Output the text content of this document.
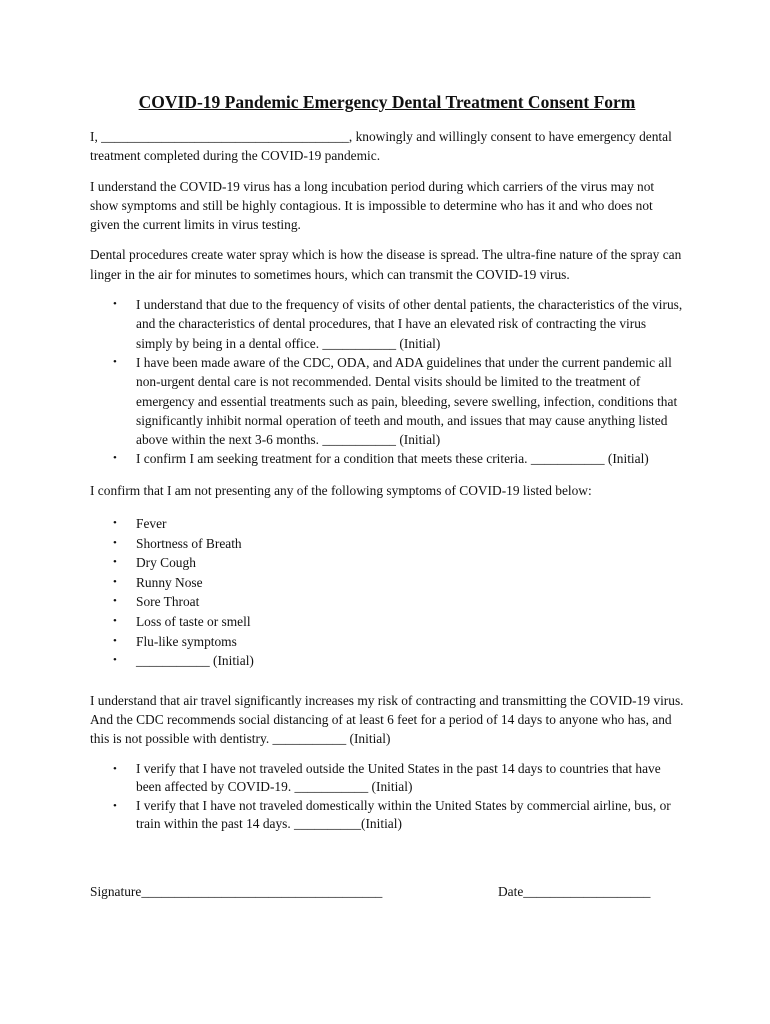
COVID-19 Pandemic Emergency Dental Treatment Consent Form

I, _____________________________________, knowingly and willingly consent to have emergency dental treatment completed during the COVID-19 pandemic.

I understand the COVID-19 virus has a long incubation period during which carriers of the virus may not show symptoms and still be highly contagious. It is impossible to determine who has it and who does not given the current limits in virus testing.

Dental procedures create water spray which is how the disease is spread. The ultra-fine nature of the spray can linger in the air for minutes to sometimes hours, which can transmit the COVID-19 virus.

• I understand that due to the frequency of visits of other dental patients, the characteristics of the virus, and the characteristics of dental procedures, that I have an elevated risk of contracting the virus simply by being in a dental office. ___________ (Initial)
• I have been made aware of the CDC, ODA, and ADA guidelines that under the current pandemic all non-urgent dental care is not recommended. Dental visits should be limited to the treatment of emergency and essential treatments such as pain, bleeding, severe swelling, infection, conditions that significantly inhibit normal operation of teeth and mouth, and issues that may cause anything listed above within the next 3-6 months. ___________ (Initial)
• I confirm I am seeking treatment for a condition that meets these criteria. ___________ (Initial)

I confirm that I am not presenting any of the following symptoms of COVID-19 listed below:

• Fever
• Shortness of Breath
• Dry Cough
• Runny Nose
• Sore Throat
• Loss of taste or smell
• Flu-like symptoms
• ___________ (Initial)

I understand that air travel significantly increases my risk of contracting and transmitting the COVID-19 virus. And the CDC recommends social distancing of at least 6 feet for a period of 14 days to anyone who has, and this is not possible with dentistry. ___________ (Initial)

• I verify that I have not traveled outside the United States in the past 14 days to countries that have been affected by COVID-19. ___________ (Initial)
• I verify that I have not traveled domestically within the United States by commercial airline, bus, or train within the past 14 days. __________(Initial)
Signature____________________________________	Date___________________
